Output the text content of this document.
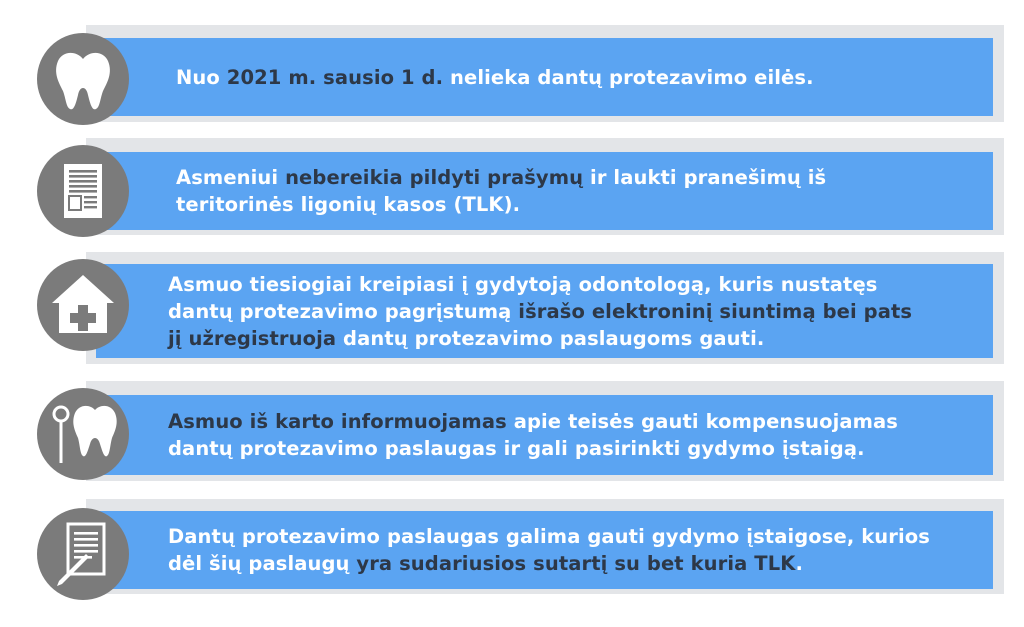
Nuo 2021 m. sausio 1 d. nelieka dantų protezavimo eilės.
Asmeniui nebereikia pildyti prašymų ir laukti pranešimų iš
teritorinės ligonių kasos (TLK).
Asmuo tiesiogiai kreipiasi į gydytoją odontologą, kuris nustatęs
dantų protezavimo pagrįstumą išrašo elektroninį siuntimą bei pats
jį užregistruoja dantų protezavimo paslaugoms gauti.
Asmuo iš karto informuojamas apie teisės gauti kompensuojamas
dantų protezavimo paslaugas ir gali pasirinkti gydymo įstaigą.
Dantų protezavimo paslaugas galima gauti gydymo įstaigose, kurios
dėl šių paslaugų yra sudariusios sutartį su bet kuria TLK.
